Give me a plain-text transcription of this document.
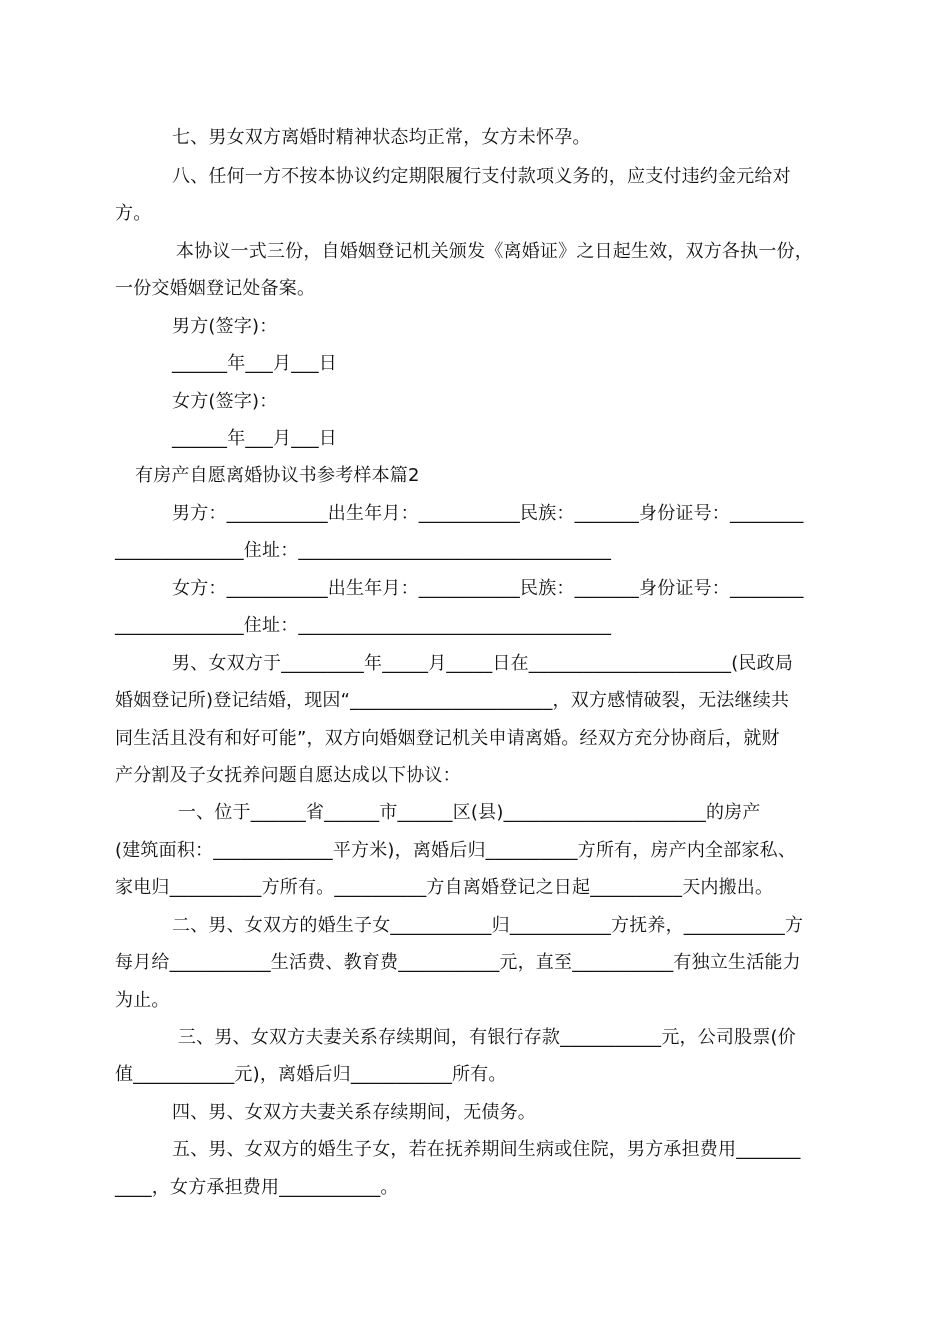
七、男女双方离婚时精神状态均正常，女方未怀孕。
八、任何一方不按本协议约定期限履行支付款项义务的，应支付违约金元给对
方。
本协议一式三份，自婚姻登记机关颁发《离婚证》之日起生效，双方各执一份，
一份交婚姻登记处备案。
男方(签字)：
______年___月___日
女方(签字)：
______年___月___日
有房产自愿离婚协议书参考样本篇2
男方：___________出生年月：___________民族：_______身份证号：________
______________住址：__________________________________
女方：___________出生年月：___________民族：_______身份证号：________
______________住址：__________________________________
男、女双方于_________年_____月_____日在______________________(民政局
婚姻登记所)登记结婚，现因“______________________，双方感情破裂，无法继续共
同生活且没有和好可能”，双方向婚姻登记机关申请离婚。经双方充分协商后，就财
产分割及子女抚养问题自愿达成以下协议：
一、位于______省______市______区(县)______________________的房产
(建筑面积：_____________平方米)，离婚后归__________方所有，房产内全部家私、
家电归__________方所有。__________方自离婚登记之日起__________天内搬出。
二、男、女双方的婚生子女___________归___________方抚养，___________方
每月给___________生活费、教育费___________元，直至___________有独立生活能力
为止。
三、男、女双方夫妻关系存续期间，有银行存款___________元，公司股票(价
值___________元)，离婚后归___________所有。
四、男、女双方夫妻关系存续期间，无债务。
五、男、女双方的婚生子女，若在抚养期间生病或住院，男方承担费用_______
____，女方承担费用___________。
